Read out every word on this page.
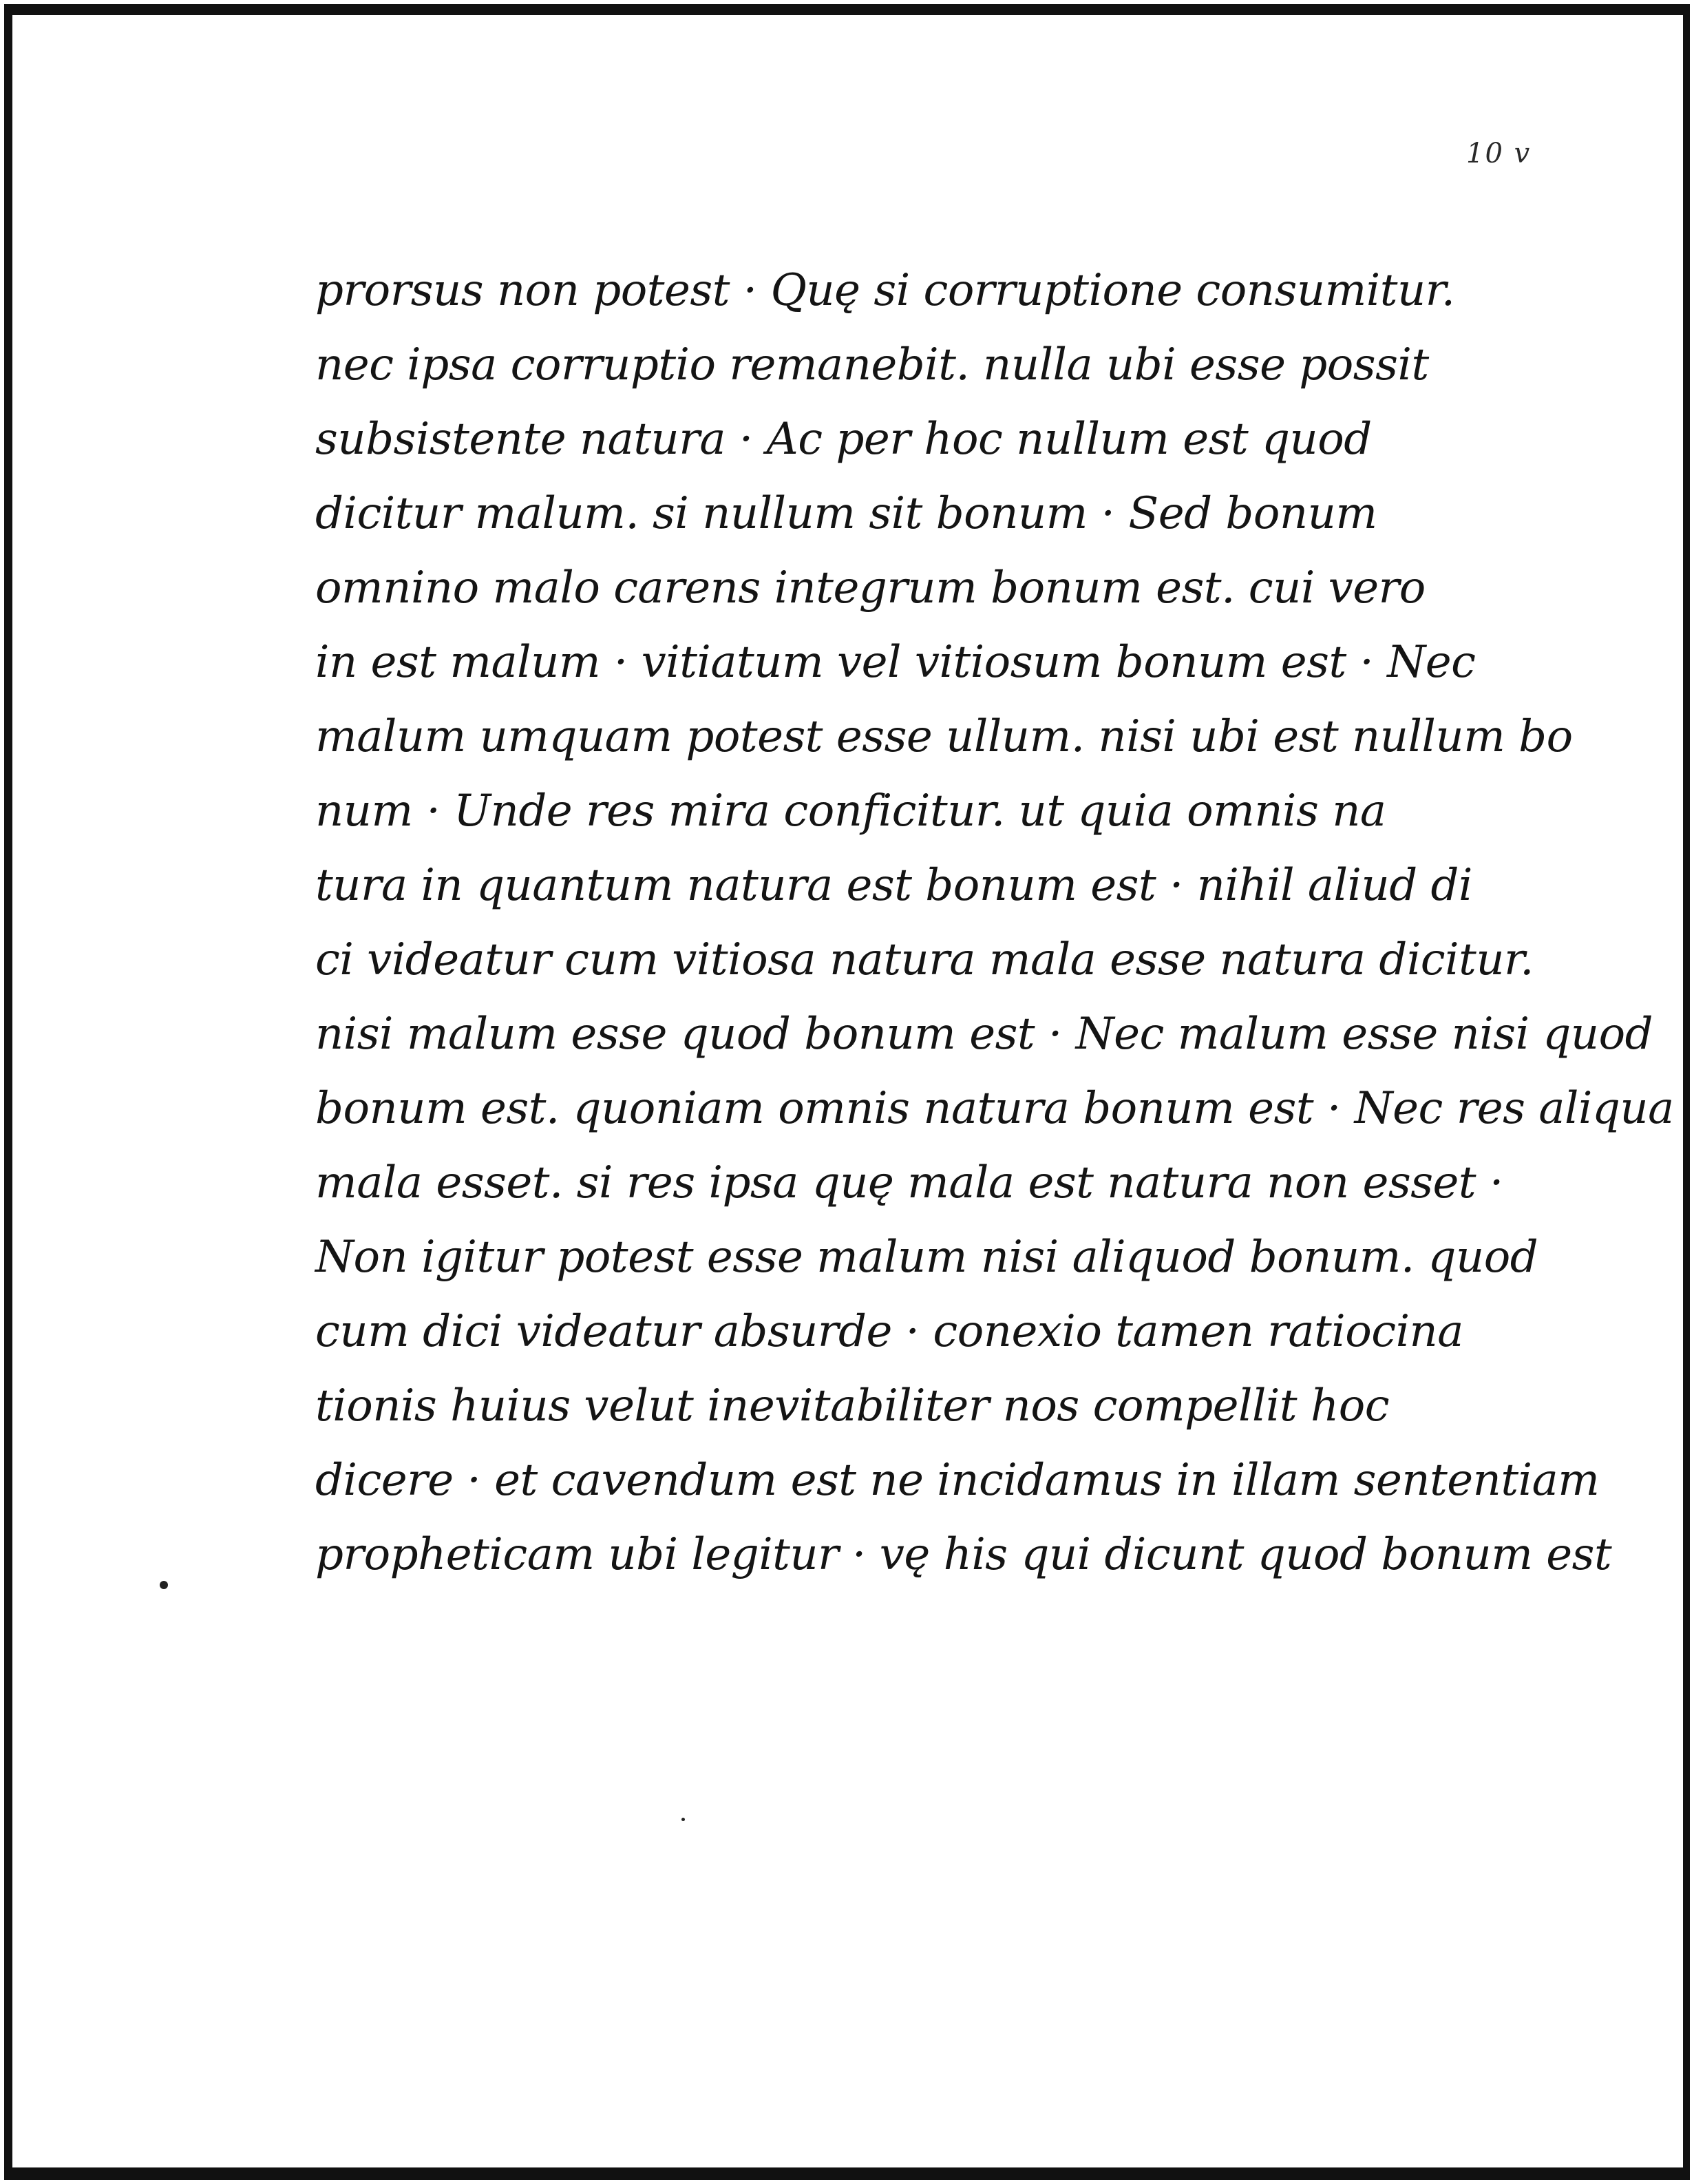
10 v
prorsus non potest · Quę si corruptione consumitur.
nec ipsa corruptio remanebit. nulla ubi esse possit
subsistente natura · Ac per hoc nullum est quod
dicitur malum. si nullum sit bonum · Sed bonum
omnino malo carens integrum bonum est. cui vero
in est malum · vitiatum vel vitiosum bonum est · Nec
malum umquam potest esse ullum. nisi ubi est nullum bo
num · Unde res mira conficitur. ut quia omnis na
tura in quantum natura est bonum est · nihil aliud di
ci videatur cum vitiosa natura mala esse natura dicitur.
nisi malum esse quod bonum est · Nec malum esse nisi quod
bonum est. quoniam omnis natura bonum est · Nec res aliqua
mala esset. si res ipsa quę mala est natura non esset ·
Non igitur potest esse malum nisi aliquod bonum. quod
cum dici videatur absurde · conexio tamen ratiocina
tionis huius velut inevitabiliter nos compellit hoc
dicere · et cavendum est ne incidamus in illam sententiam
propheticam ubi legitur · vę his qui dicunt quod bonum est
